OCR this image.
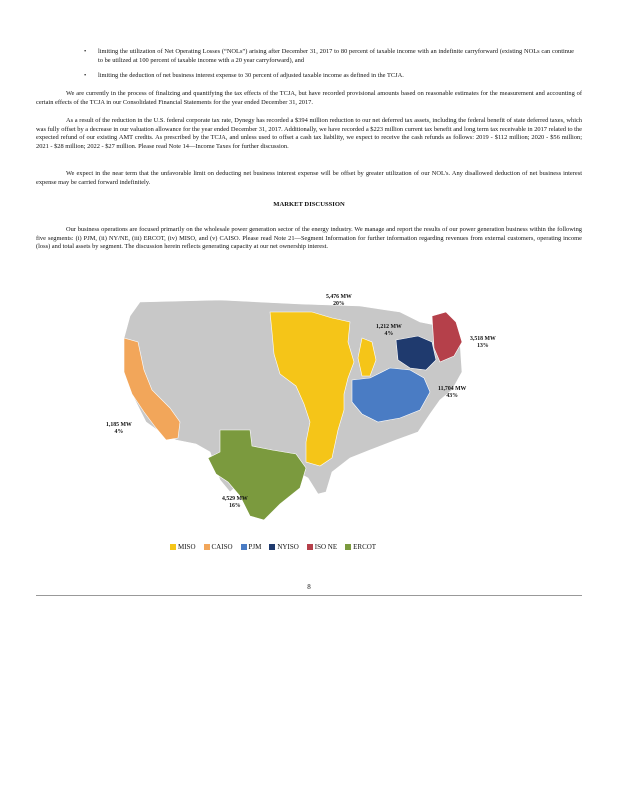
• limiting the utilization of Net Operating Losses (“NOLs”) arising after December 31, 2017 to 80 percent of taxable income with an indefinite carryforward (existing NOLs can continue to be utilized at 100 percent of taxable income with a 20 year carryforward), and
• limiting the deduction of net business interest expense to 30 percent of adjusted taxable income as defined in the TCJA.
We are currently in the process of finalizing and quantifying the tax effects of the TCJA, but have recorded provisional amounts based on reasonable estimates for the measurement and accounting of certain effects of the TCJA in our Consolidated Financial Statements for the year ended December 31, 2017.
As a result of the reduction in the U.S. federal corporate tax rate, Dynegy has recorded a $394 million reduction to our net deferred tax assets, including the federal benefit of state deferred taxes, which was fully offset by a decrease in our valuation allowance for the year ended December 31, 2017. Additionally, we have recorded a $223 million current tax benefit and long term tax receivable in 2017 related to the expected refund of our existing AMT credits. As prescribed by the TCJA, and unless used to offset a cash tax liability, we expect to receive the cash refunds as follows: 2019 - $112 million; 2020 - $56 million; 2021 - $28 million; 2022 - $27 million. Please read Note 14—Income Taxes for further discussion.
We expect in the near term that the unfavorable limit on deducting net business interest expense will be offset by greater utilization of our NOL's. Any disallowed deduction of net business interest expense may be carried forward indefinitely.
MARKET DISCUSSION
Our business operations are focused primarily on the wholesale power generation sector of the energy industry. We manage and report the results of our power generation business within the following five segments: (i) PJM, (ii) NY/NE, (iii) ERCOT, (iv) MISO, and (v) CAISO. Please read Note 21—Segment Information for further information regarding revenues from external customers, operating income (loss) and total assets by segment. The discussion herein reflects generating capacity at our net ownership interest.
5,476 MW
20%
1,212 MW
4%
3,518 MW
13%
11,704 MW
43%
1,185 MW
4%
4,529 MW
16%
MISO CAISO PJM NYISO ISO NE ERCOT
8
